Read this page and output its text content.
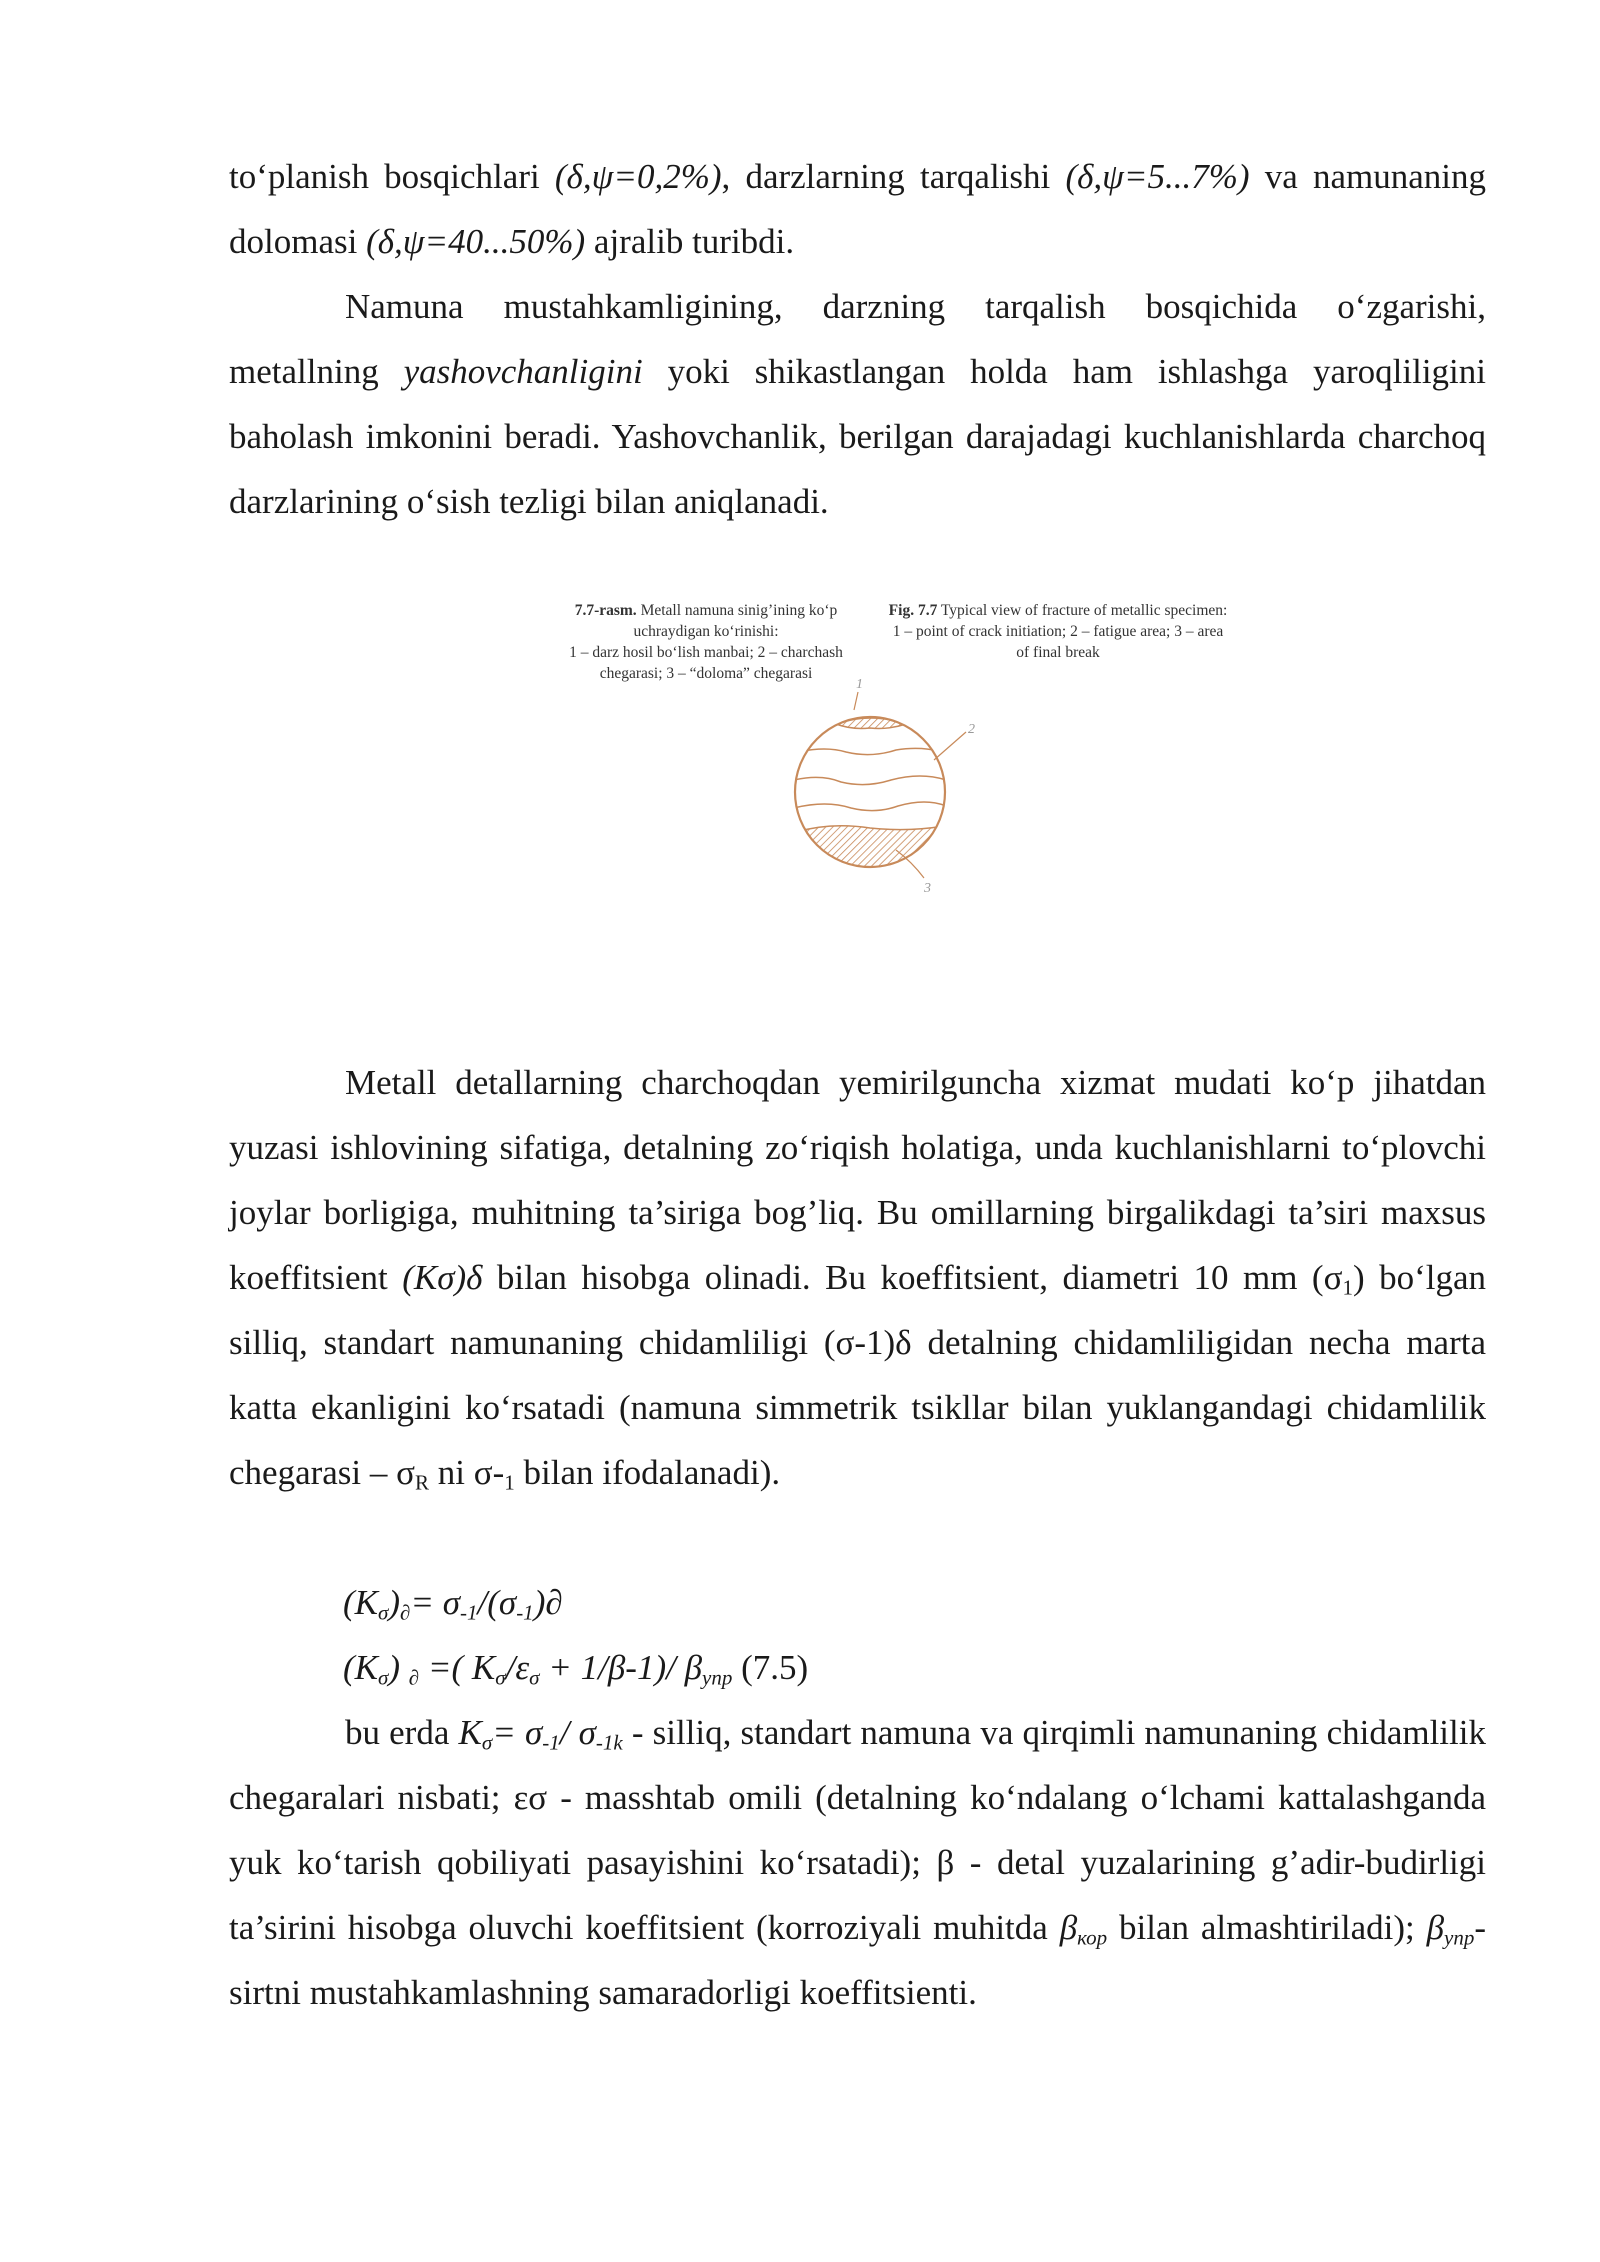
to‘planish bosqichlari (δ,ψ=0,2%), darzlarning tarqalishi (δ,ψ=5...7%) va namunaning dolomasi (δ,ψ=40...50%) ajralib turibdi.

Namuna mustahkamligining, darzning tarqalish bosqichida o‘zgarishi, metallning yashovchanligini yoki shikastlangan holda ham ishlashga yaroqliligini baholash imkonini beradi. Yashovchanlik, berilgan darajadagi kuchlanishlarda charchoq darzlarining o‘sish tezligi bilan aniqlanadi.

7.7-rasm. Metall namuna sinig’ining ko‘p uchraydigan ko‘rinishi:
1 – darz hosil bo‘lish manbai; 2 – charchash chegarasi; 3 – “doloma” chegarasi
Fig. 7.7 Typical view of fracture of metallic specimen:
1 – point of crack initiation; 2 – fatigue area; 3 – area of final break
1
2
3

Metall detallarning charchoqdan yemirilguncha xizmat mudati ko‘p jihatdan yuzasi ishlovining sifatiga, detalning zo‘riqish holatiga, unda kuchlanishlarni to‘plovchi joylar borligiga, muhitning ta’siriga bog’liq. Bu omillarning birgalikdagi ta’siri maxsus koeffitsient (Kσ)δ bilan hisobga olinadi. Bu koeffitsient, diametri 10 mm $(\sigma_1)$ bo‘lgan silliq, standart namunaning chidamliligi (σ-1)δ detalning chidamliligidan necha marta katta ekanligini ko‘rsatadi (namuna simmetrik tsikllar bilan yuklangandagi chidamlilik chegarasi – $\sigma_R$ ni $\sigma-_1$ bilan ifodalanadi).

$(K_\sigma)_\partial= \sigma_{-1}/(\sigma_{-1})\partial$
$(K_\sigma)$ $_\partial$ =( $K_\sigma/\varepsilon_\sigma + 1/\beta-1)/$ $\beta_{упр}$ (7.5)

bu erda $K_\sigma= \sigma_{-1}/$ $\sigma_{-1k}$ - silliq, standart namuna va qirqimli namunaning chidamlilik chegaralari nisbati; εσ - masshtab omili (detalning ko‘ndalang o‘lchami kattalashganda yuk ko‘tarish qobiliyati pasayishini ko‘rsatadi); β - detal yuzalarining g’adir-budirligi ta’sirini hisobga oluvchi koeffitsient (korroziyali muhitda $\beta_{кор}$ bilan almashtiriladi); $\beta_{упр}-$ sirtni mustahkamlashning samaradorligi koeffitsienti.
